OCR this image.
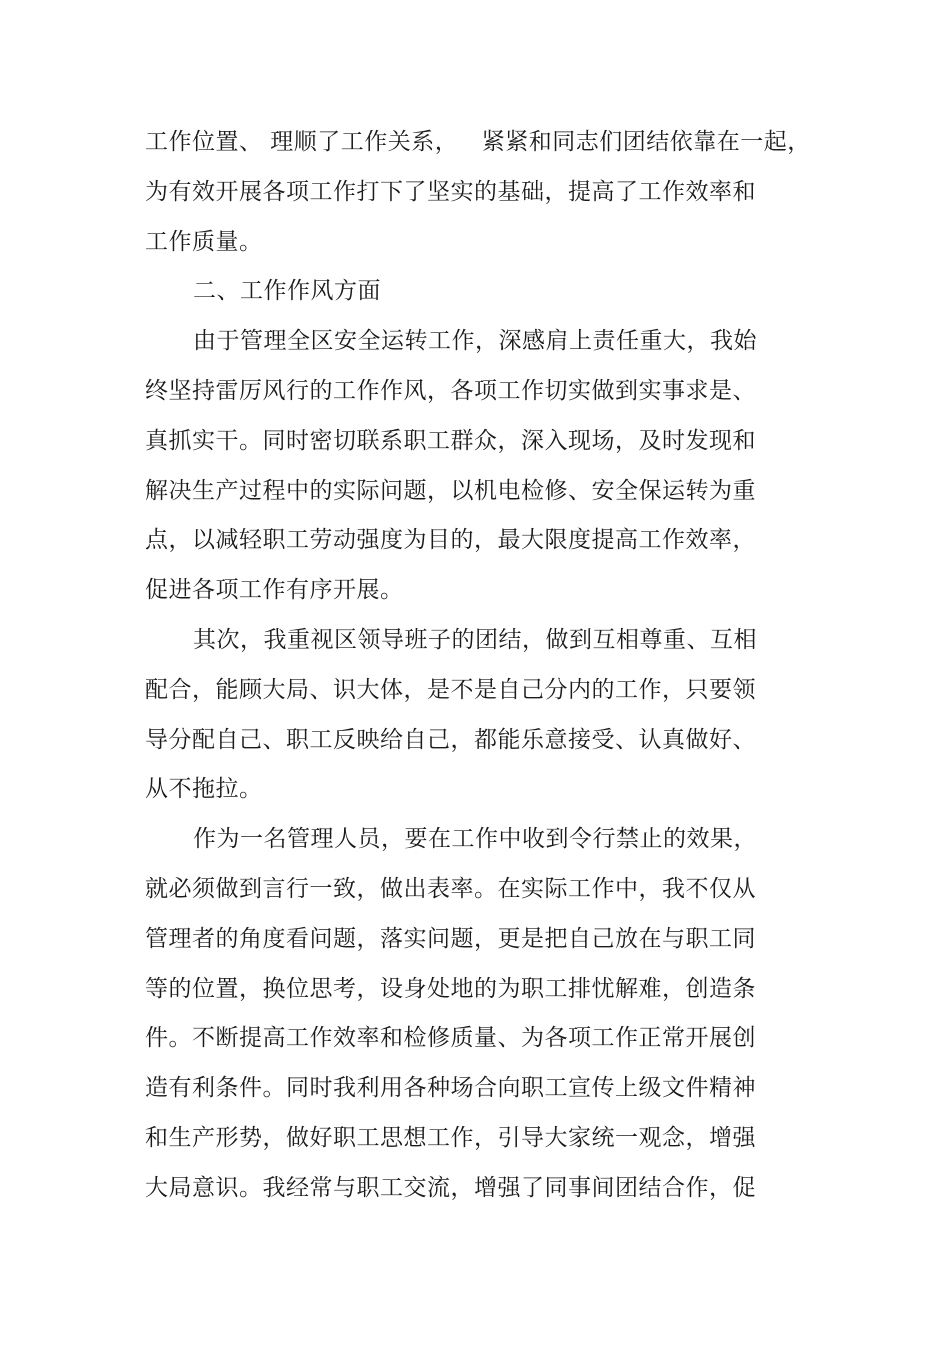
工作位置、 理顺了工作关系，   紧紧和同志们团结依靠在一起，
为有效开展各项工作打下了坚实的基础，提高了工作效率和
工作质量。
二、工作作风方面
由于管理全区安全运转工作，深感肩上责任重大，我始
终坚持雷厉风行的工作作风，各项工作切实做到实事求是、
真抓实干。同时密切联系职工群众，深入现场，及时发现和
解决生产过程中的实际问题，以机电检修、安全保运转为重
点，以减轻职工劳动强度为目的，最大限度提高工作效率，
促进各项工作有序开展。
其次，我重视区领导班子的团结，做到互相尊重、互相
配合，能顾大局、识大体，是不是自己分内的工作，只要领
导分配自己、职工反映给自己，都能乐意接受、认真做好、
从不拖拉。
作为一名管理人员，要在工作中收到令行禁止的效果，
就必须做到言行一致，做出表率。在实际工作中，我不仅从
管理者的角度看问题，落实问题，更是把自己放在与职工同
等的位置，换位思考，设身处地的为职工排忧解难，创造条
件。不断提高工作效率和检修质量、为各项工作正常开展创
造有利条件。同时我利用各种场合向职工宣传上级文件精神
和生产形势，做好职工思想工作，引导大家统一观念，增强
大局意识。我经常与职工交流，增强了同事间团结合作，促
